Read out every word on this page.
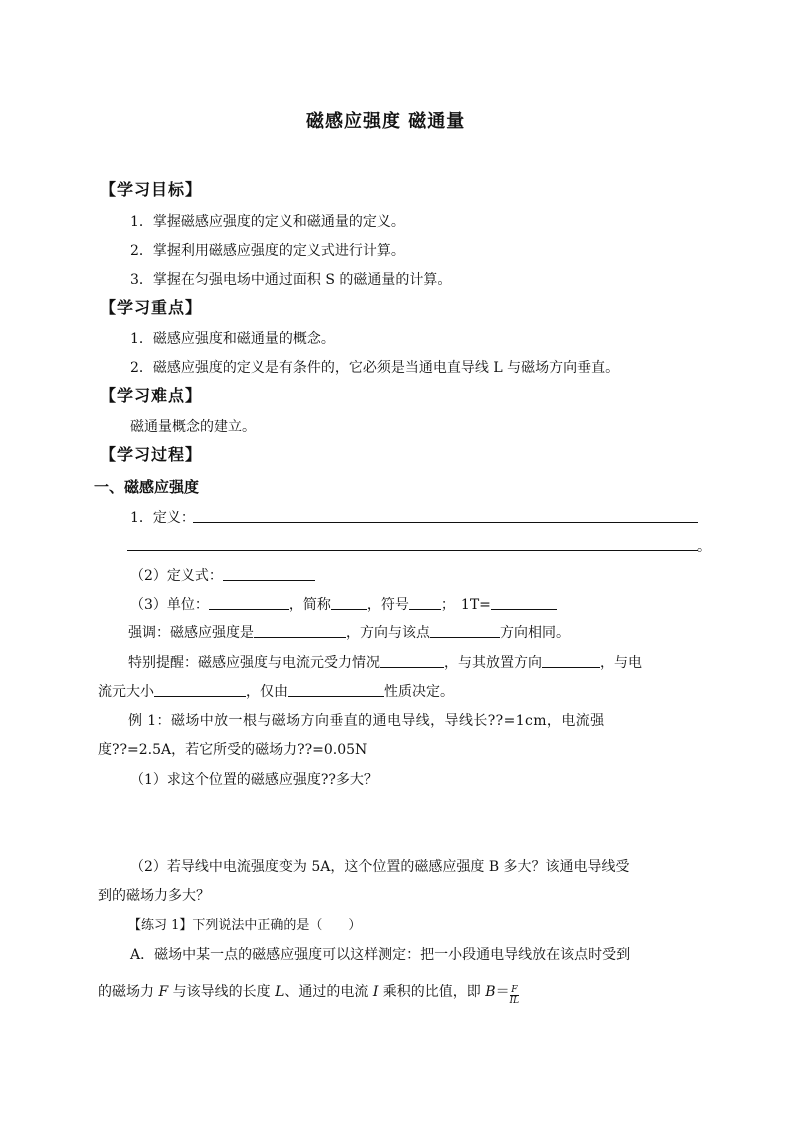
磁感应强度 磁通量
【学习目标】
1．掌握磁感应强度的定义和磁通量的定义。
2．掌握利用磁感应强度的定义式进行计算。
3．掌握在匀强电场中通过面积 S 的磁通量的计算。
【学习重点】
1．磁感应强度和磁通量的概念。
2．磁感应强度的定义是有条件的，它必须是当通电直导线 L 与磁场方向垂直。
【学习难点】
磁通量概念的建立。
【学习过程】
一、磁感应强度
1．定义：
。
（2）定义式：
（3）单位：	，简称	，符号 ； 1T=
强调：磁感应强度是	，方向与该点	方向相同。
特别提醒：磁感应强度与电流元受力情况	，与其放置方向	，与电
流元大小	，仅由	性质决定。
例 1：磁场中放一根与磁场方向垂直的通电导线，导线长??=1cm，电流强
度??=2.5A，若它所受的磁场力??=0.05N
（1）求这个位置的磁感应强度??多大？
（2）若导线中电流强度变为 5A，这个位置的磁感应强度 B 多大？该通电导线受
到的磁场力多大？
【练习 1】下列说法中正确的是（　　）
A．磁场中某一点的磁感应强度可以这样测定：把一小段通电导线放在该点时受到
的磁场力 F 与该导线的长度 L、通过的电流 I 乘积的比值，即 $B= \frac{F}{IL}$
